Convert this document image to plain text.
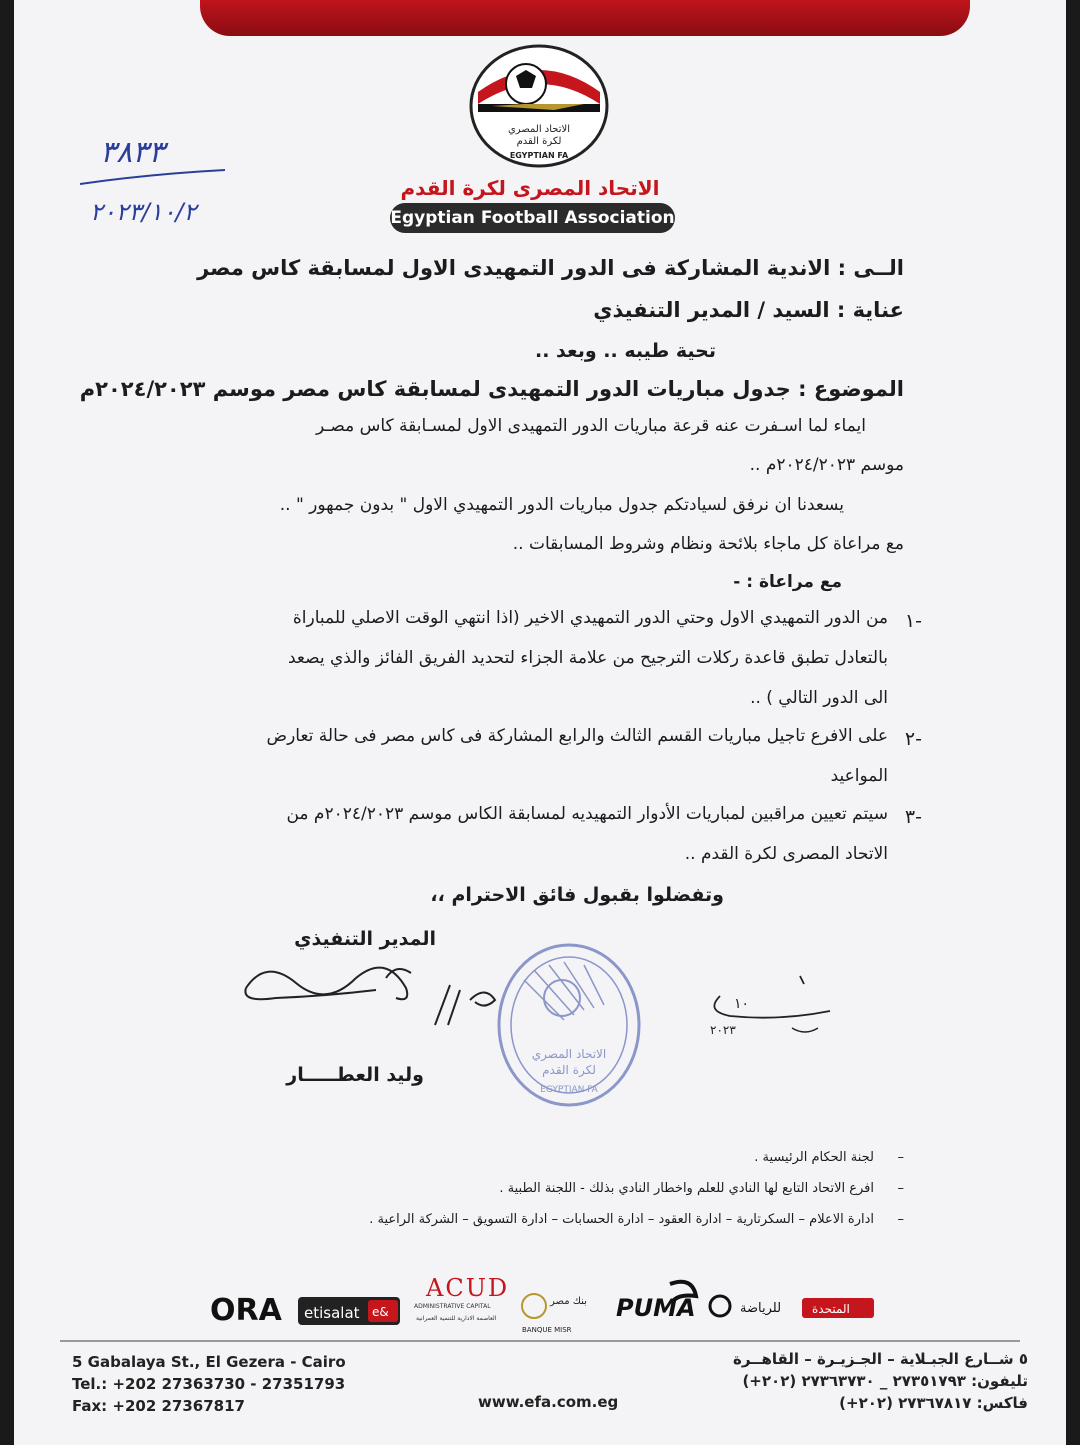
الاتحاد المصري
لكرة القدم
EGYPTIAN FA
الاتحاد المصرى لكرة القدم
Egyptian Football Association
٣٨٣٣
٢٠٢٣/١٠/٢
الــى : الاندية المشاركة فى الدور التمهيدى الاول لمسابقة كاس مصر
عناية : السيد / المدير التنفيذي
تحية طيبه .. وبعد ..
الموضوع : جدول مباريات الدور التمهيدى لمسابقة كاس مصر موسم ٢٠٢٤/٢٠٢٣م
ايماء لما اسـفرت عنه قرعة مباريات الدور التمهيدى الاول لمسـابقة كاس مصـر
موسم ٢٠٢٤/٢٠٢٣م ..
يسعدنا ان نرفق لسيادتكم جدول مباريات الدور التمهيدي الاول " بدون جمهور " ..
مع مراعاة كل ماجاء بلائحة ونظام وشروط المسابقات ..
مع مراعاة : -
١-
من الدور التمهيدي الاول وحتي الدور التمهيدي الاخير (اذا انتهي الوقت الاصلي للمباراة
بالتعادل تطبق قاعدة ركلات الترجيح من علامة الجزاء لتحديد الفريق الفائز والذي يصعد
الى الدور التالي ) ..
٢-
على الافرع تاجيل مباريات القسم الثالث والرابع المشاركة فى كاس مصر فى حالة تعارض
المواعيد
٣-
سيتم تعيين مراقبين لمباريات الأدوار التمهيديه لمسابقة الكاس موسم ٢٠٢٤/٢٠٢٣م من
الاتحاد المصرى لكرة القدم ..
وتفضلوا بقبول فائق الاحترام ،،
المدير التنفيذي
الاتحاد المصري
لكرة القدم
EGYPTIAN FA
١٠
٢٠٢٣
وليد العطـــــار
–
لجنة الحكام الرئيسية .
–
افرع الاتحاد التابع لها النادي للعلم واخطار النادي بذلك - اللجنة الطبية .
–
ادارة الاعلام – السكرتارية – ادارة العقود – ادارة الحسابات – ادارة التسويق – الشركة الراعية .
ORA etisalat e&
ACUD
ADMINISTRATIVE CAPITAL
العاصمة الادارية للتنمية العمرانية
بنك مصر
BANQUE MISR
PUMA	للرياضة	المتحدة
5 Gabalaya St., El Gezera - Cairo
Tel.: +202 27363730 - 27351793
Fax: +202 27367817	www.efa.com.eg
٥ شــارع الجبـلاية – الجـزيـرة – القاهــرة
تليفون: ٢٧٣٥١٧٩٣ _ ٢٧٣٦٣٧٣٠ (٢٠٢+)
فاكس: ٢٧٣٦٧٨١٧ (٢٠٢+)
